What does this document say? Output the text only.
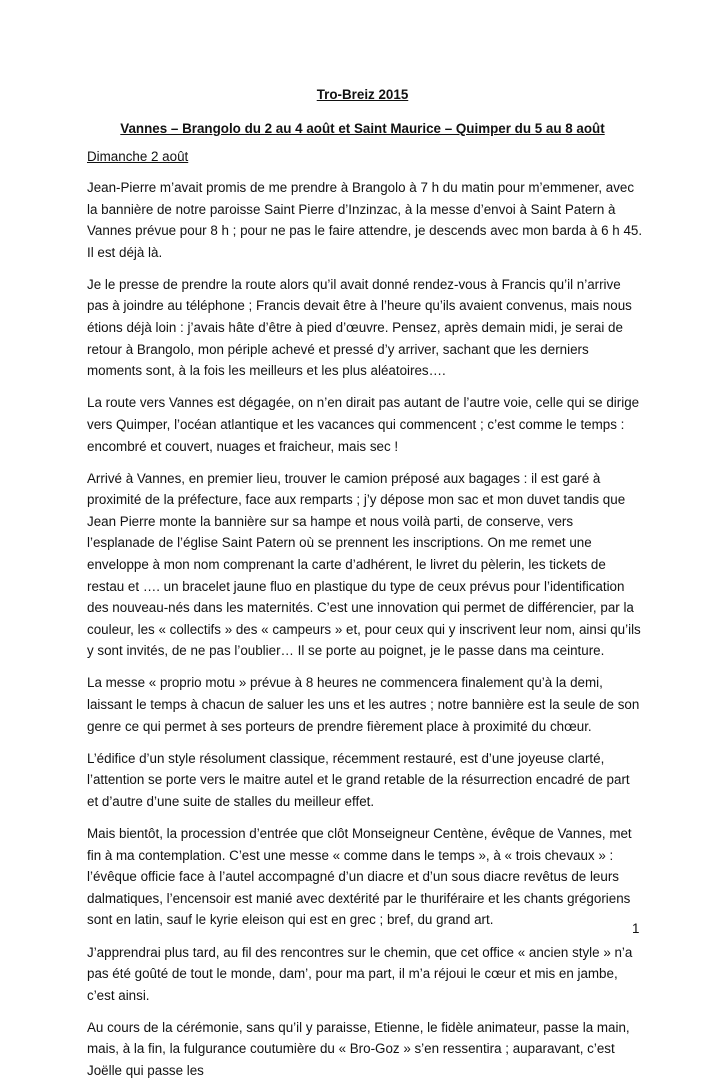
Tro-Breiz 2015
Vannes – Brangolo du 2 au 4 août et Saint Maurice – Quimper du 5 au 8 août
Dimanche 2 août

Jean-Pierre m’avait promis de me prendre à Brangolo à 7 h du matin pour m’emmener, avec la bannière de notre paroisse Saint Pierre d’Inzinzac, à la messe d’envoi à Saint Patern à Vannes prévue pour 8 h ; pour ne pas le faire attendre, je descends avec mon barda à 6 h 45. Il est déjà là.

Je le presse de prendre la route alors qu’il avait donné rendez-vous à Francis qu’il n’arrive pas à joindre au téléphone ; Francis devait être à l’heure qu’ils avaient convenus, mais nous étions déjà loin : j’avais hâte d’être à pied d’œuvre. Pensez, après demain midi, je serai de retour à Brangolo, mon périple achevé et pressé d’y arriver, sachant que les derniers moments sont, à la fois les meilleurs et les plus aléatoires….

La route vers Vannes est dégagée, on n’en dirait pas autant de l’autre voie, celle qui se dirige vers Quimper, l’océan atlantique et les vacances qui commencent ; c’est comme le temps : encombré et couvert, nuages et fraicheur, mais sec !

Arrivé à Vannes, en premier lieu, trouver le camion préposé aux bagages : il est garé à proximité de la préfecture, face aux remparts ; j’y dépose mon sac et mon duvet tandis que Jean Pierre monte la bannière sur sa hampe et nous voilà parti, de conserve, vers l’esplanade de l’église Saint Patern où se prennent les inscriptions. On me remet une enveloppe à mon nom comprenant la carte d’adhérent, le livret du pèlerin, les tickets de restau et …. un bracelet jaune fluo en plastique du type de ceux prévus pour l’identification des nouveau-nés dans les maternités. C’est une innovation qui permet de différencier, par la couleur, les « collectifs » des « campeurs » et, pour ceux qui y inscrivent leur nom, ainsi qu’ils y sont invités, de ne pas l’oublier… Il se porte au poignet, je le passe dans ma ceinture.

La messe « proprio motu » prévue à 8 heures ne commencera finalement qu’à la demi, laissant le temps à chacun de saluer les uns et les autres ; notre bannière est la seule de son genre ce qui permet à ses porteurs de prendre fièrement place à proximité du chœur.

L’édifice d’un style résolument classique, récemment restauré, est d’une joyeuse clarté, l’attention se porte vers le maitre autel et le grand retable de la résurrection encadré de part et d’autre d’une suite de stalles du meilleur effet.

Mais bientôt, la procession d’entrée que clôt Monseigneur Centène, évêque de Vannes, met fin à ma contemplation. C’est une messe « comme dans le temps », à « trois chevaux » : l’évêque officie face à l’autel accompagné d’un diacre et d’un sous diacre revêtus de leurs dalmatiques, l’encensoir est manié avec dextérité par le thuriféraire et les chants grégoriens sont en latin, sauf le kyrie eleison qui est en grec ; bref, du grand art.

J’apprendrai plus tard, au fil des rencontres sur le chemin, que cet office « ancien style » n’a pas été goûté de tout le monde, dam’, pour ma part, il m’a réjoui le cœur et mis en jambe, c’est ainsi.

Au cours de la cérémonie, sans qu’il y paraisse, Etienne, le fidèle animateur, passe la main, mais, à la fin, la fulgurance coutumière du « Bro-Goz » s’en ressentira ; auparavant, c’est Joëlle qui passe les

1
